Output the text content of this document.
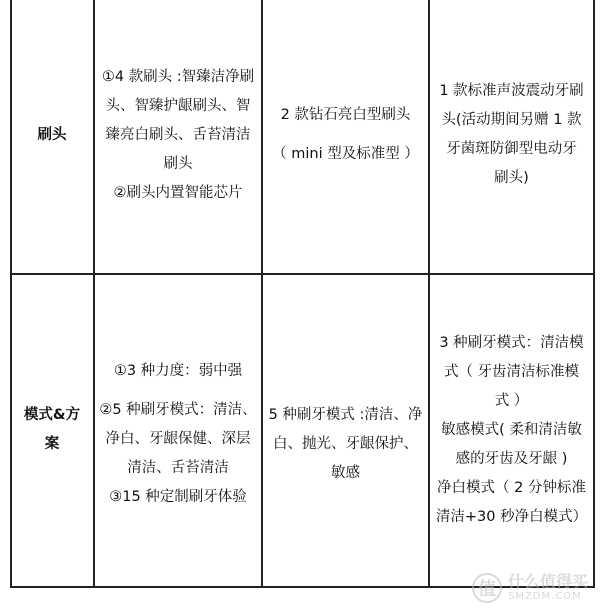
刷头
①4 款刷头 :智臻洁净刷
头、智臻护龈刷头、智
臻亮白刷头、舌苔清洁
刷头
②刷头内置智能芯片
2 款钻石亮白型刷头
（ mini 型及标准型 ）
1 款标准声波震动牙刷
头(活动期间另赠 1 款
牙菌斑防御型电动牙
刷头)
模式&方
案
①3 种力度：弱中强
②5 种刷牙模式：清洁、
净白、牙龈保健、深层
清洁、舌苔清洁
③15 种定制刷牙体验
5 种刷牙模式 :清洁、净
白、抛光、牙龈保护、
敏感
3 种刷牙模式：清洁模
式（ 牙齿清洁标准模
式 ）
敏感模式( 柔和清洁敏
感的牙齿及牙龈 )
净白模式（ 2 分钟标准
清洁+30 秒净白模式）
值 什么值得买
SMZDM.COM
